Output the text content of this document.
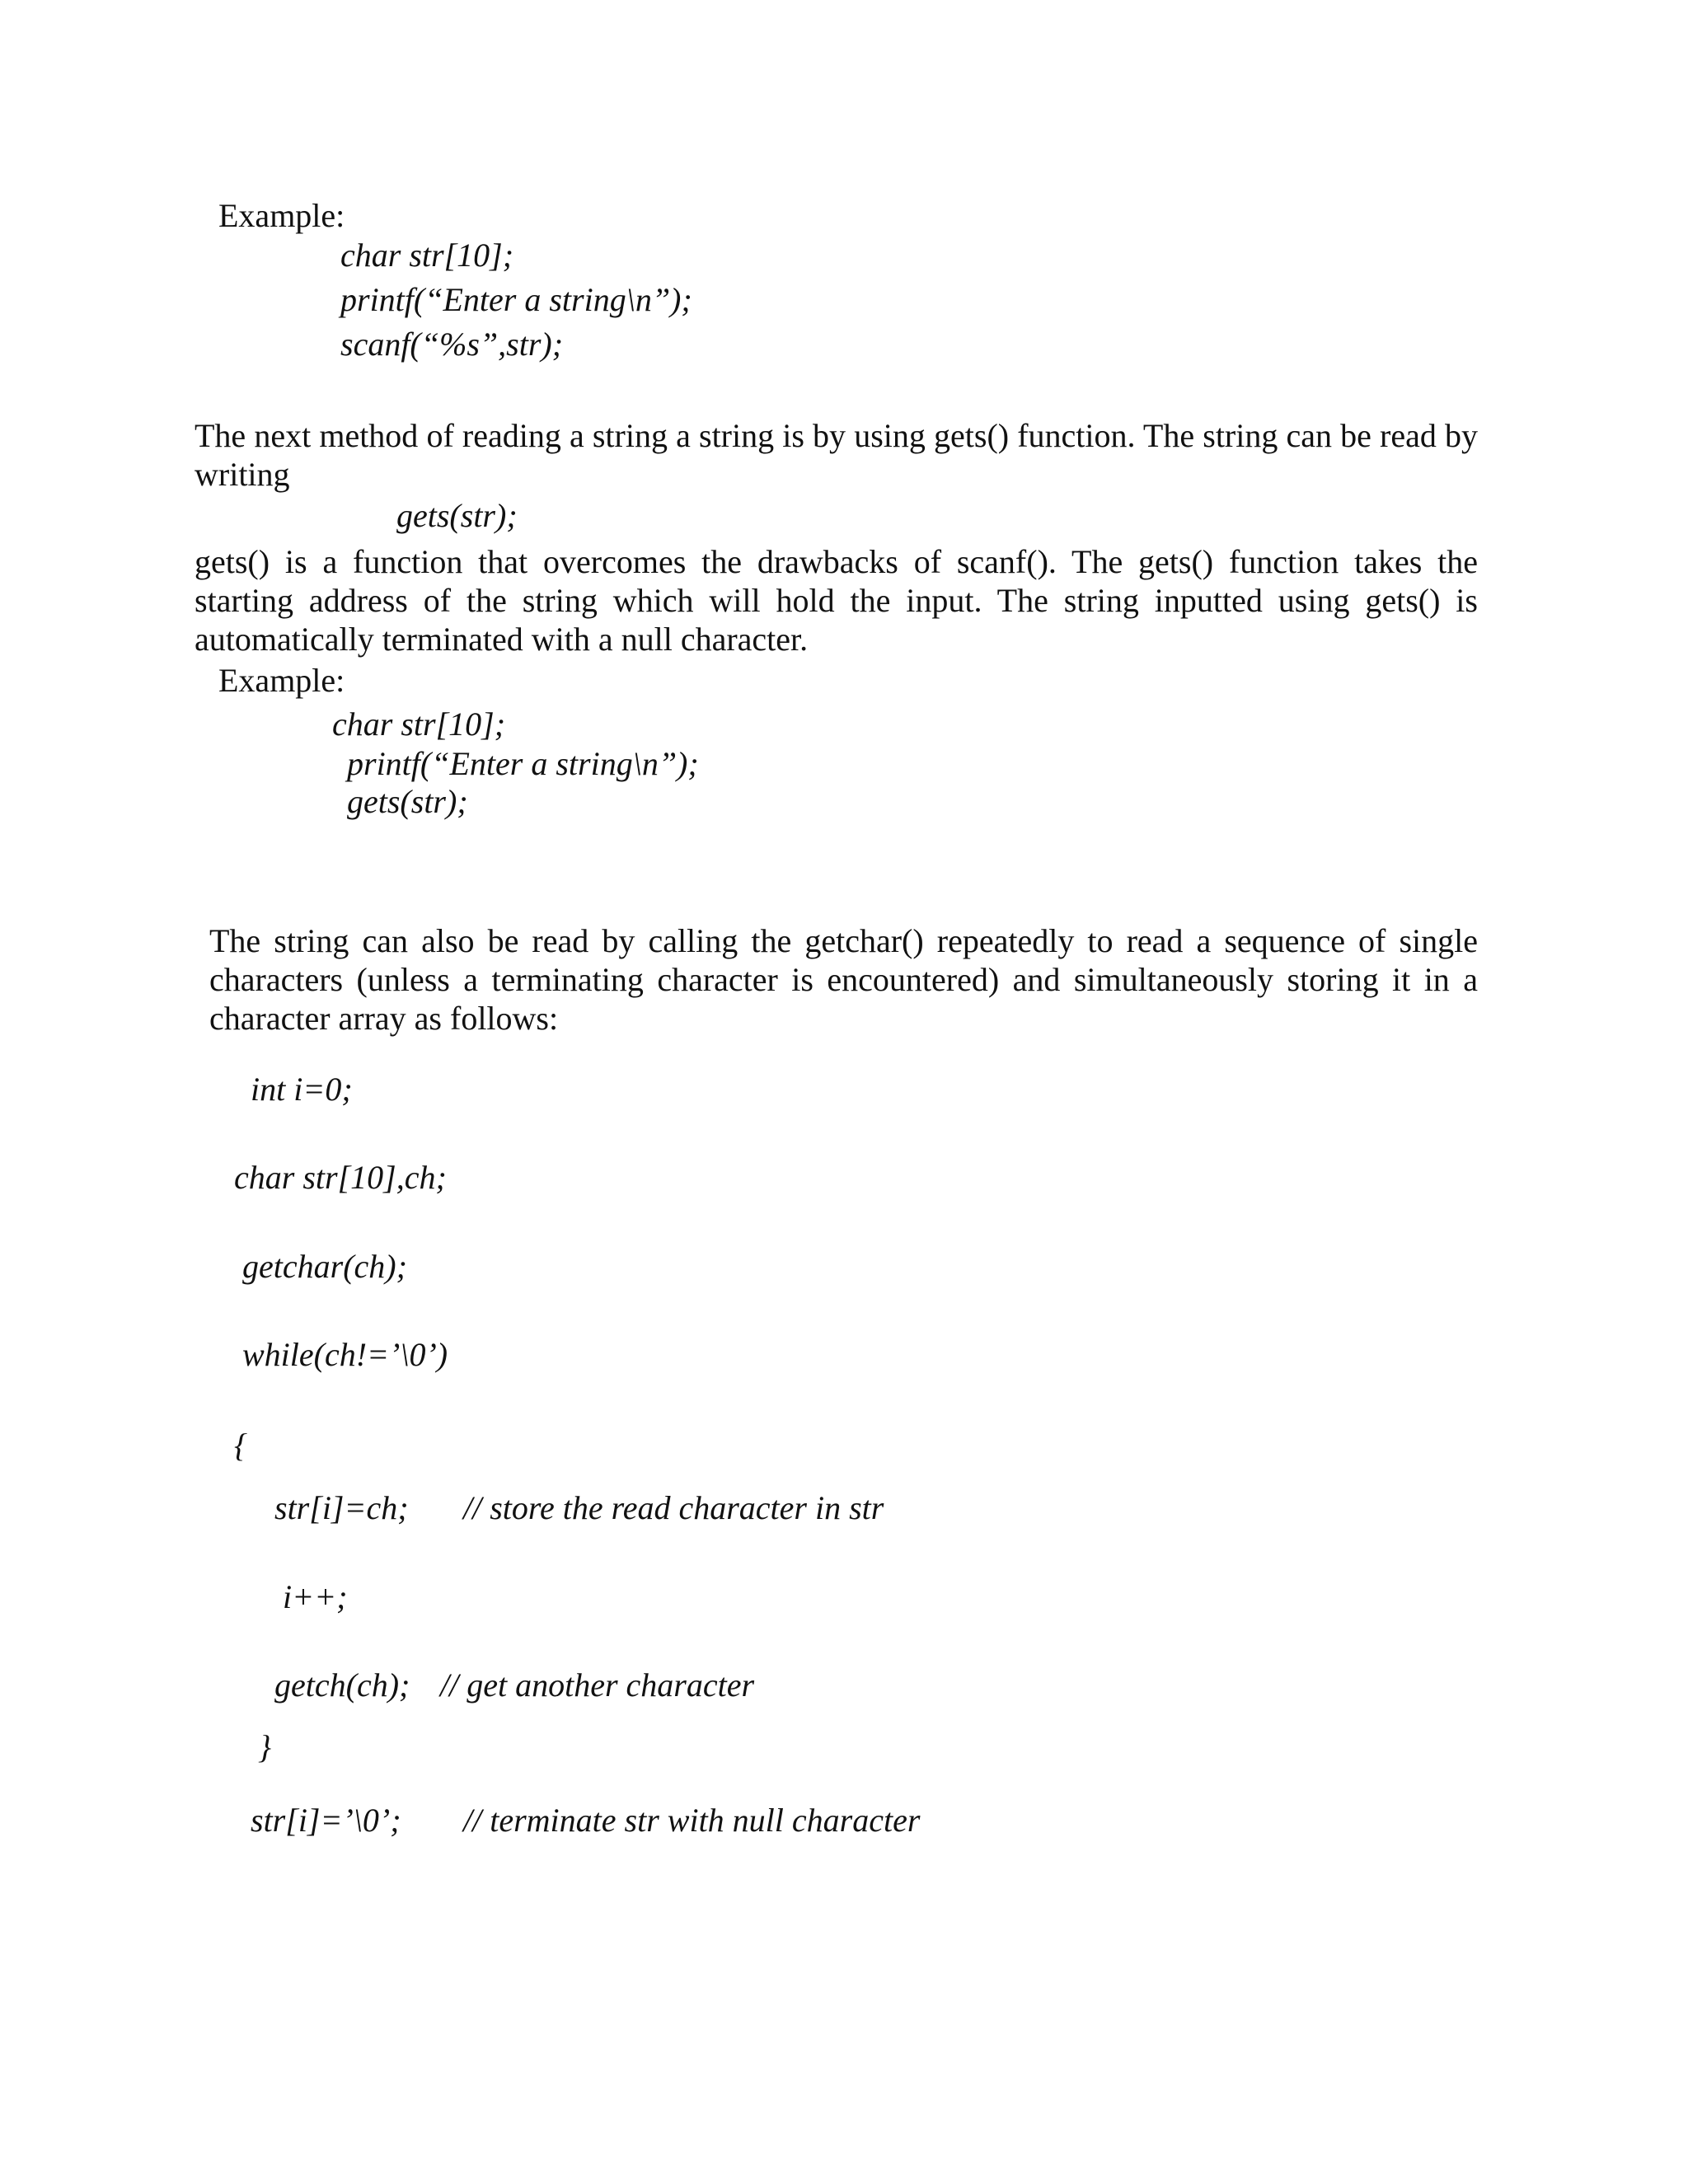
Example:

char str[10];

printf(“Enter a string\n”);

scanf(“%s”,str);

The next method of reading a string a string is by using gets() function. The string can be read by
writing

gets(str);

gets() is a function that overcomes the drawbacks of scanf(). The gets() function takes the
starting address of the string which will hold the input. The string inputted using gets() is
automatically terminated with a null character.

Example:

char str[10];

printf(“Enter a string\n”);

gets(str);

The string can also be read by calling the getchar() repeatedly to read a sequence of single
characters (unless a terminating character is encountered) and simultaneously storing it in a
character array as follows:

int i=0;

char str[10],ch;

getchar(ch);

while(ch!=’\0’)

{

str[i]=ch; // store the read character in str

i++;

getch(ch); // get another character

}

str[i]=’\0’; // terminate str with null character
